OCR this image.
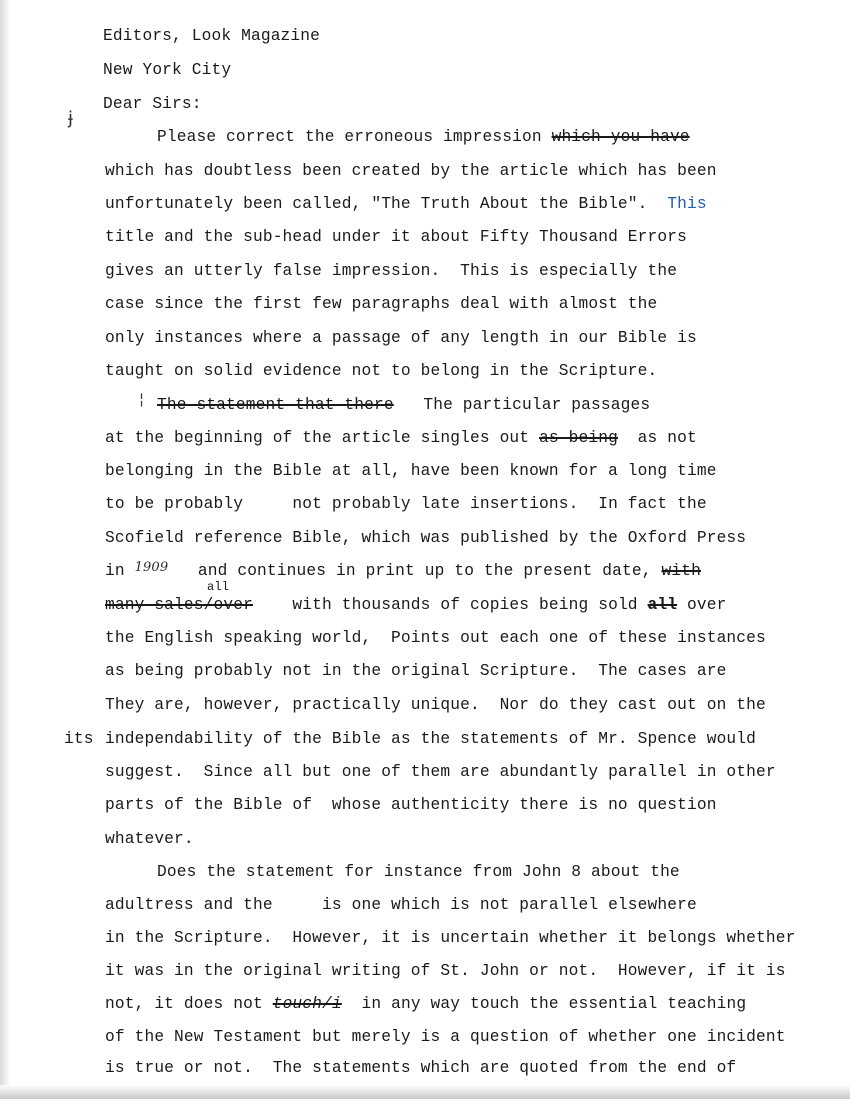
Editors, Look Magazine
New York City
Dear Sirs:
ɉ
Please correct the erroneous impression which you have
which has doubtless been created by the article which has been
unfortunately been called, "The Truth About the Bible".  This
title and the sub-head under it about Fifty Thousand Errors
gives an utterly false impression.  This is especially the
case since the first few paragraphs deal with almost the
only instances where a passage of any length in our Bible is
taught on solid evidence not to belong in the Scripture.
¦ The statement that there   The particular passages
at the beginning of the article singles out as being  as not
belonging in the Bible at all, have been known for a long time
to be probably     not probably late insertions.  In fact the
Scofield reference Bible, which was published by the Oxford Press
in $^{1909}$   and continues in print up to the present date, with
all
many sales/over    with thousands of copies being sold all over
the English speaking world,  Points out each one of these instances
as being probably not in the original Scripture.  The cases are
They are, however, practically unique.  Nor do they cast out on the
its independability of the Bible as the statements of Mr. Spence would
suggest.  Since all but one of them are abundantly parallel in other
parts of the Bible of  whose authenticity there is no question
whatever.
Does the statement for instance from John 8 about the
adultress and the     is one which is not parallel elsewhere
in the Scripture.  However, it is uncertain whether it belongs whether
it was in the original writing of St. John or not.  However, if it is
not, it does not touch/i  in any way touch the essential teaching
of the New Testament but merely is a question of whether one incident
is true or not.  The statements which are quoted from the end of
